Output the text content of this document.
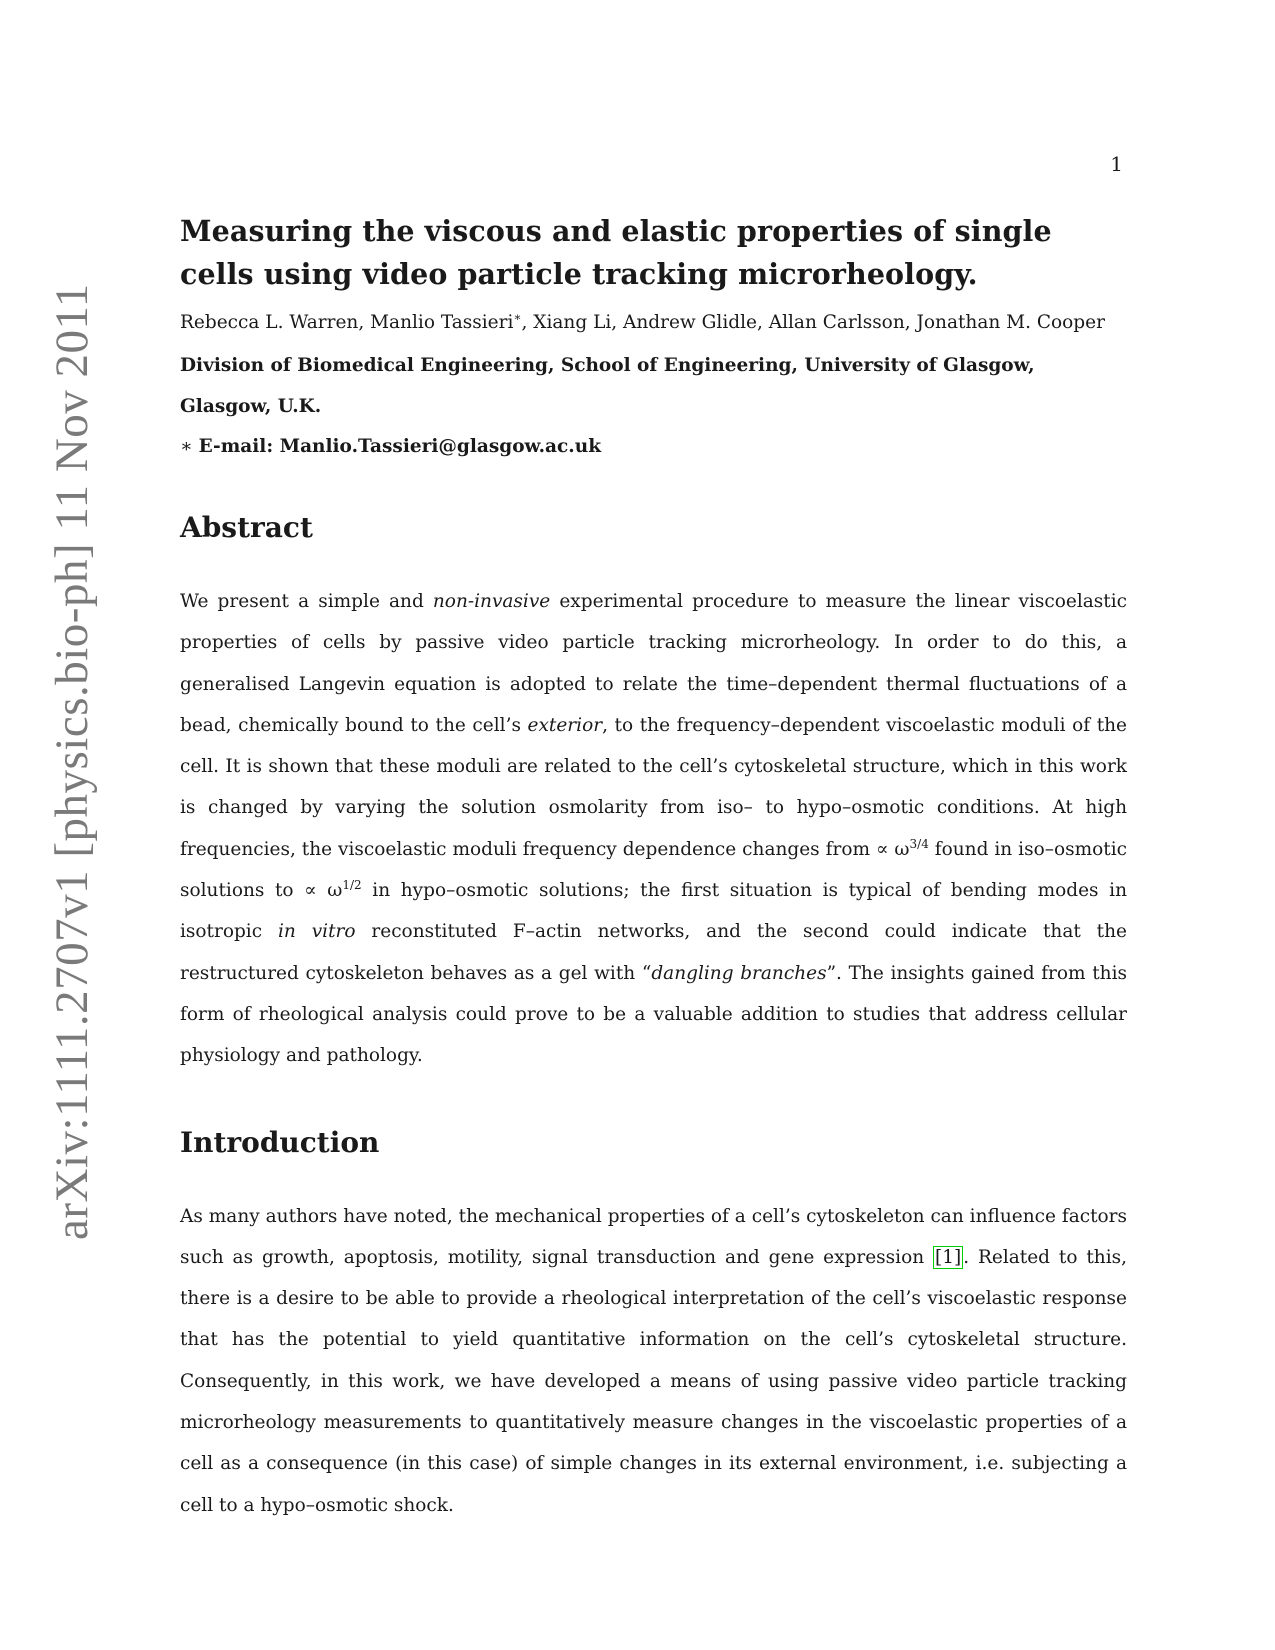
arXiv:1111.2707v1 [physics.bio-ph] 11 Nov 2011
1
Measuring the viscous and elastic properties of single cells using video particle tracking microrheology.
Rebecca L. Warren, Manlio Tassieri∗, Xiang Li, Andrew Glidle, Allan Carlsson, Jonathan M. Cooper
Division of Biomedical Engineering, School of Engineering, University of Glasgow, Glasgow, U.K.
∗ E-mail: Manlio.Tassieri@glasgow.ac.uk
Abstract

We present a simple and non-invasive experimental procedure to measure the linear viscoelastic properties of cells by passive video particle tracking microrheology. In order to do this, a generalised Langevin equation is adopted to relate the time–dependent thermal fluctuations of a bead, chemically bound to the cell’s exterior, to the frequency–dependent viscoelastic moduli of the cell. It is shown that these moduli are related to the cell’s cytoskeletal structure, which in this work is changed by varying the solution osmolarity from iso– to hypo–osmotic conditions. At high frequencies, the viscoelastic moduli frequency dependence changes from ∝ $\omega^{3/4}$ found in iso–osmotic solutions to ∝ $\omega^{1/2}$ in hypo–osmotic solutions; the first situation is typical of bending modes in isotropic in vitro reconstituted F–actin networks, and the second could indicate that the restructured cytoskeleton behaves as a gel with “dangling branches”. The insights gained from this form of rheological analysis could prove to be a valuable addition to studies that address cellular physiology and pathology.

Introduction

As many authors have noted, the mechanical properties of a cell’s cytoskeleton can influence factors such as growth, apoptosis, motility, signal transduction and gene expression [1] . Related to this, there is a desire to be able to provide a rheological interpretation of the cell’s viscoelastic response that has the potential to yield quantitative information on the cell’s cytoskeletal structure. Consequently, in this work, we have developed a means of using passive video particle tracking microrheology measurements to quantitatively measure changes in the viscoelastic properties of a cell as a consequence (in this case) of simple changes in its external environment, i.e. subjecting a cell to a hypo–osmotic shock.
